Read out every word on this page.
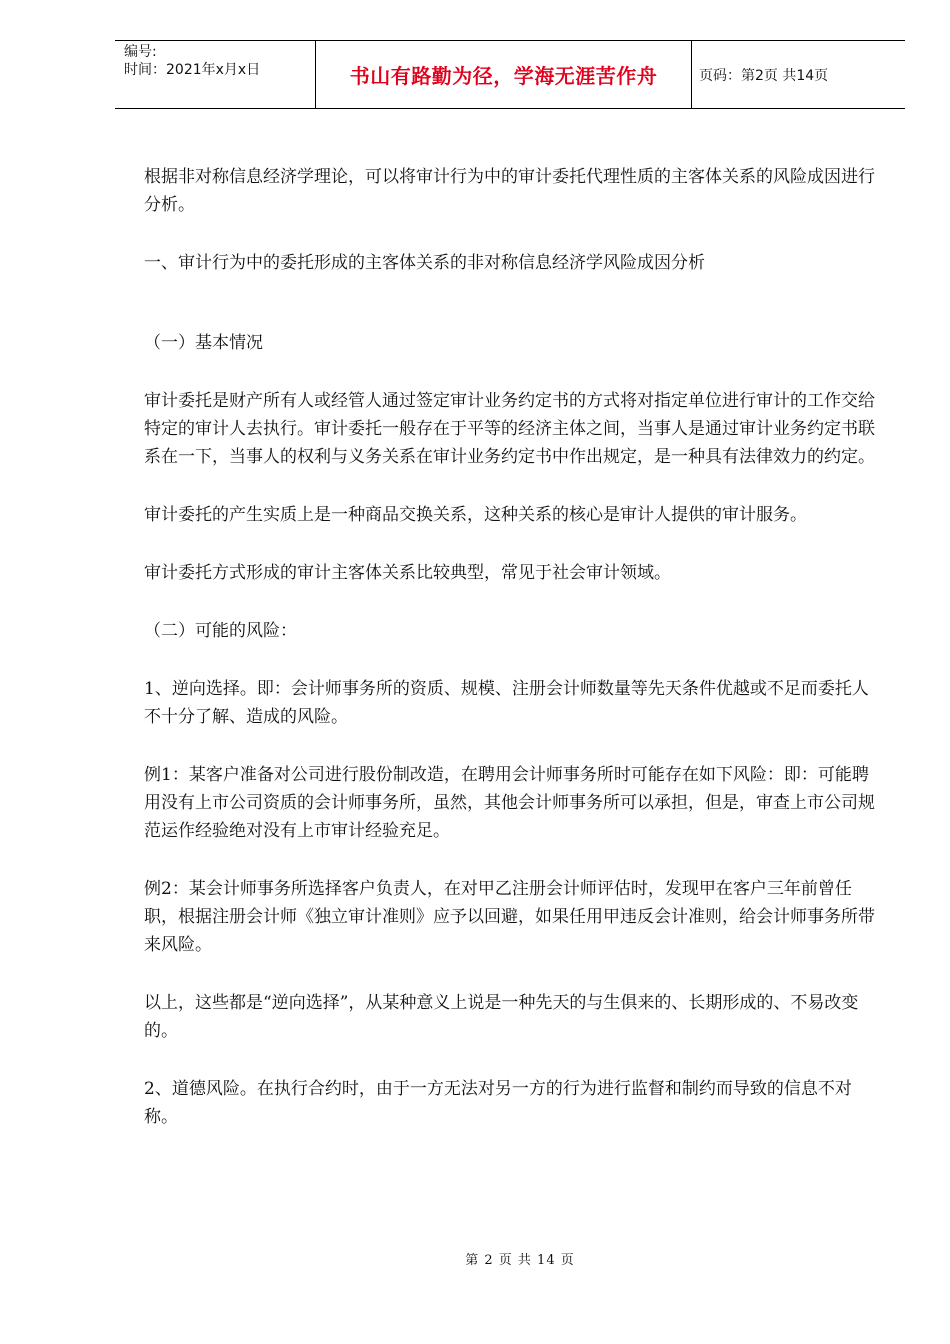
编号:
时间：2021年x月x日	书山有路勤为径，学海无涯苦作舟	页码：第2页 共14页

根据非对称信息经济学理论，可以将审计行为中的审计委托代理性质的主客体关系的风险成因进行分析。

一、审计行为中的委托形成的主客体关系的非对称信息经济学风险成因分析

（一）基本情况

审计委托是财产所有人或经管人通过签定审计业务约定书的方式将对指定单位进行审计的工作交给特定的审计人去执行。审计委托一般存在于平等的经济主体之间，当事人是通过审计业务约定书联系在一下，当事人的权利与义务关系在审计业务约定书中作出规定，是一种具有法律效力的约定。

审计委托的产生实质上是一种商品交换关系，这种关系的核心是审计人提供的审计服务。

审计委托方式形成的审计主客体关系比较典型，常见于社会审计领域。

（二）可能的风险：

1、逆向选择。即：会计师事务所的资质、规模、注册会计师数量等先天条件优越或不足而委托人不十分了解、造成的风险。

例1：某客户准备对公司进行股份制改造，在聘用会计师事务所时可能存在如下风险：即：可能聘用没有上市公司资质的会计师事务所，虽然，其他会计师事务所可以承担，但是，审查上市公司规范运作经验绝对没有上市审计经验充足。

例2：某会计师事务所选择客户负责人，在对甲乙注册会计师评估时，发现甲在客户三年前曾任职，根据注册会计师《独立审计准则》应予以回避，如果任用甲违反会计准则，给会计师事务所带来风险。

以上，这些都是“逆向选择”，从某种意义上说是一种先天的与生俱来的、长期形成的、不易改变的。

2、道德风险。在执行合约时，由于一方无法对另一方的行为进行监督和制约而导致的信息不对称。

第 2 页 共 14 页
